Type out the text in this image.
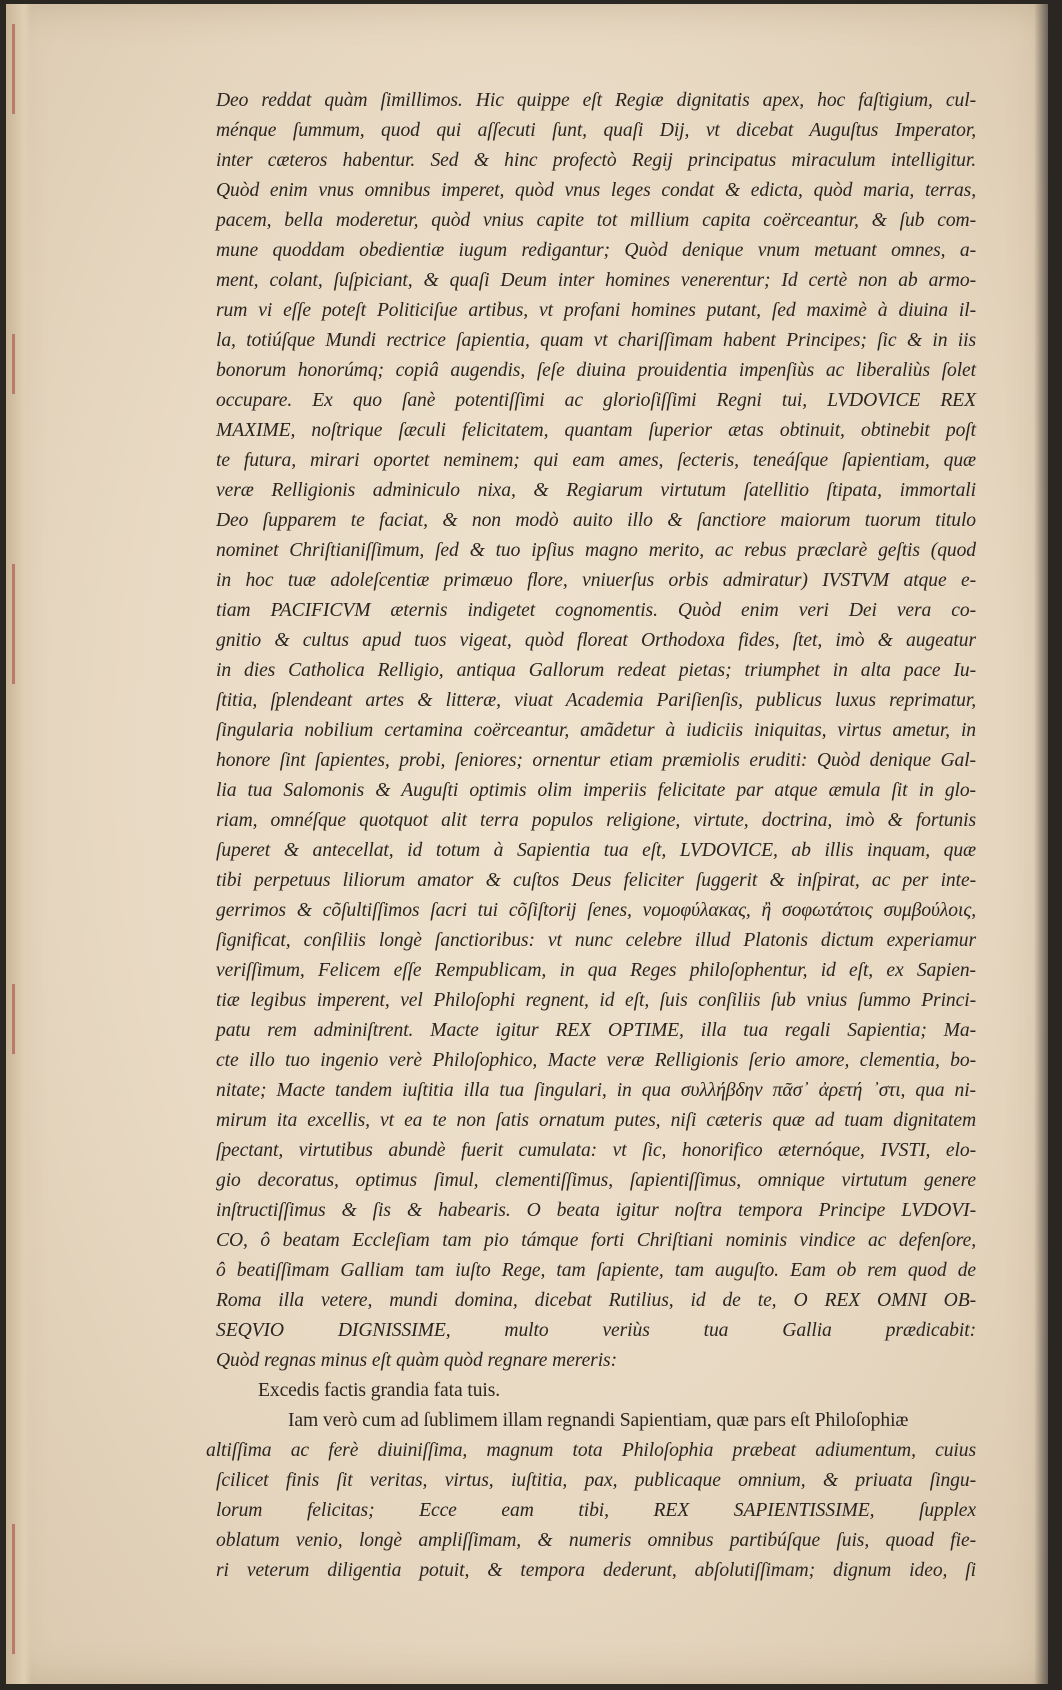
Deo reddat quàm ſimillimos. Hic quippe eſt Regiæ dignitatis apex, hoc faſtigium, cul-
ménque ſummum, quod qui aſſecuti ſunt, quaſi Dij, vt dicebat Auguſtus Imperator,
inter cæteros habentur. Sed & hinc profectò Regij principatus miraculum intelligitur.
Quòd enim vnus omnibus imperet, quòd vnus leges condat & edicta, quòd maria, terras,
pacem, bella moderetur, quòd vnius capite tot millium capita coërceantur, & ſub com-
mune quoddam obedientiæ iugum redigantur; Quòd denique vnum metuant omnes, a-
ment, colant, ſuſpiciant, & quaſi Deum inter homines venerentur; Id certè non ab armo-
rum vi eſſe poteſt Politiciſue artibus, vt profani homines putant, ſed maximè à diuina il-
la, totiúſque Mundi rectrice ſapientia, quam vt chariſſimam habent Principes; ſic & in iis
bonorum honorúmq; copiâ augendis, ſeſe diuina prouidentia impenſiùs ac liberaliùs ſolet
occupare. Ex quo ſanè potentiſſimi ac glorioſiſſimi Regni tui, LVDOVICE REX
MAXIME, noſtrique ſæculi felicitatem, quantam ſuperior ætas obtinuit, obtinebit poſt
te futura, mirari oportet neminem; qui eam ames, ſecteris, teneáſque ſapientiam, quæ
veræ Relligionis adminiculo nixa, & Regiarum virtutum ſatellitio ſtipata, immortali
Deo ſupparem te faciat, & non modò auito illo & ſanctiore maiorum tuorum titulo
nominet Chriſtianiſſimum, ſed & tuo ipſius magno merito, ac rebus præclarè geſtis (quod
in hoc tuæ adoleſcentiæ primæuo flore, vniuerſus orbis admiratur) IVSTVM atque e-
tiam PACIFICVM æternis indigetet cognomentis. Quòd enim veri Dei vera co-
gnitio & cultus apud tuos vigeat, quòd floreat Orthodoxa fides, ſtet, imò & augeatur
in dies Catholica Relligio, antiqua Gallorum redeat pietas; triumphet in alta pace Iu-
ſtitia, ſplendeant artes & litteræ, viuat Academia Pariſienſis, publicus luxus reprimatur,
ſingularia nobilium certamina coërceantur, amãdetur à iudiciis iniquitas, virtus ametur, in
honore ſint ſapientes, probi, ſeniores; ornentur etiam præmiolis eruditi: Quòd denique Gal-
lia tua Salomonis & Auguſti optimis olim imperiis felicitate par atque æmula ſit in glo-
riam, omnéſque quotquot alit terra populos religione, virtute, doctrina, imò & fortunis
ſuperet & antecellat, id totum à Sapientia tua eſt, LVDOVICE, ab illis inquam, quæ
tibi perpetuus liliorum amator & cuſtos Deus feliciter ſuggerit & inſpirat, ac per inte-
gerrimos & cõſultiſſimos ſacri tui cõſiſtorij ſenes, νομοφύλακας, ἢ σοφωτάτοις συμβούλοις,
ſignificat, conſiliis longè ſanctioribus: vt nunc celebre illud Platonis dictum experiamur
veriſſimum, Felicem eſſe Rempublicam, in qua Reges philoſophentur, id eſt, ex Sapien-
tiæ legibus imperent, vel Philoſophi regnent, id eſt, ſuis conſiliis ſub vnius ſummo Princi-
patu rem adminiſtrent. Macte igitur REX OPTIME, illa tua regali Sapientia; Ma-
cte illo tuo ingenio verè Philoſophico, Macte veræ Relligionis ſerio amore, clementia, bo-
nitate; Macte tandem iuſtitia illa tua ſingulari, in qua συλλήβδην πᾶσ᾽ ἀρετή ᾽στι, qua ni-
mirum ita excellis, vt ea te non ſatis ornatum putes, niſi cæteris quæ ad tuam dignitatem
ſpectant, virtutibus abundè fuerit cumulata: vt ſic, honorifico æternóque, IVSTI, elo-
gio decoratus, optimus ſimul, clementiſſimus, ſapientiſſimus, omnique virtutum genere
inſtructiſſimus & ſis & habearis. O beata igitur noſtra tempora Principe LVDOVI-
CO, ô beatam Eccleſiam tam pio támque forti Chriſtiani nominis vindice ac defenſore,
ô beatiſſimam Galliam tam iuſto Rege, tam ſapiente, tam auguſto. Eam ob rem quod de
Roma illa vetere, mundi domina, dicebat Rutilius, id de te, O REX OMNI OB-
SEQVIO DIGNISSIME, multo veriùs tua Gallia prædicabit:
Quòd regnas minus eſt quàm quòd regnare mereris:
Excedis factis grandia fata tuis.
Iam verò cum ad ſublimem illam regnandi Sapientiam, quæ pars eſt Philoſophiæ
altiſſima ac ferè diuiniſſima, magnum tota Philoſophia præbeat adiumentum, cuius
ſcilicet finis ſit veritas, virtus, iuſtitia, pax, publicaque omnium, & priuata ſingu-
lorum felicitas; Ecce eam tibi, REX SAPIENTISSIME, ſupplex
oblatum venio, longè ampliſſimam, & numeris omnibus partibúſque ſuis, quoad fie-
ri veterum diligentia potuit, & tempora dederunt, abſolutiſſimam; dignum ideo, ſi
